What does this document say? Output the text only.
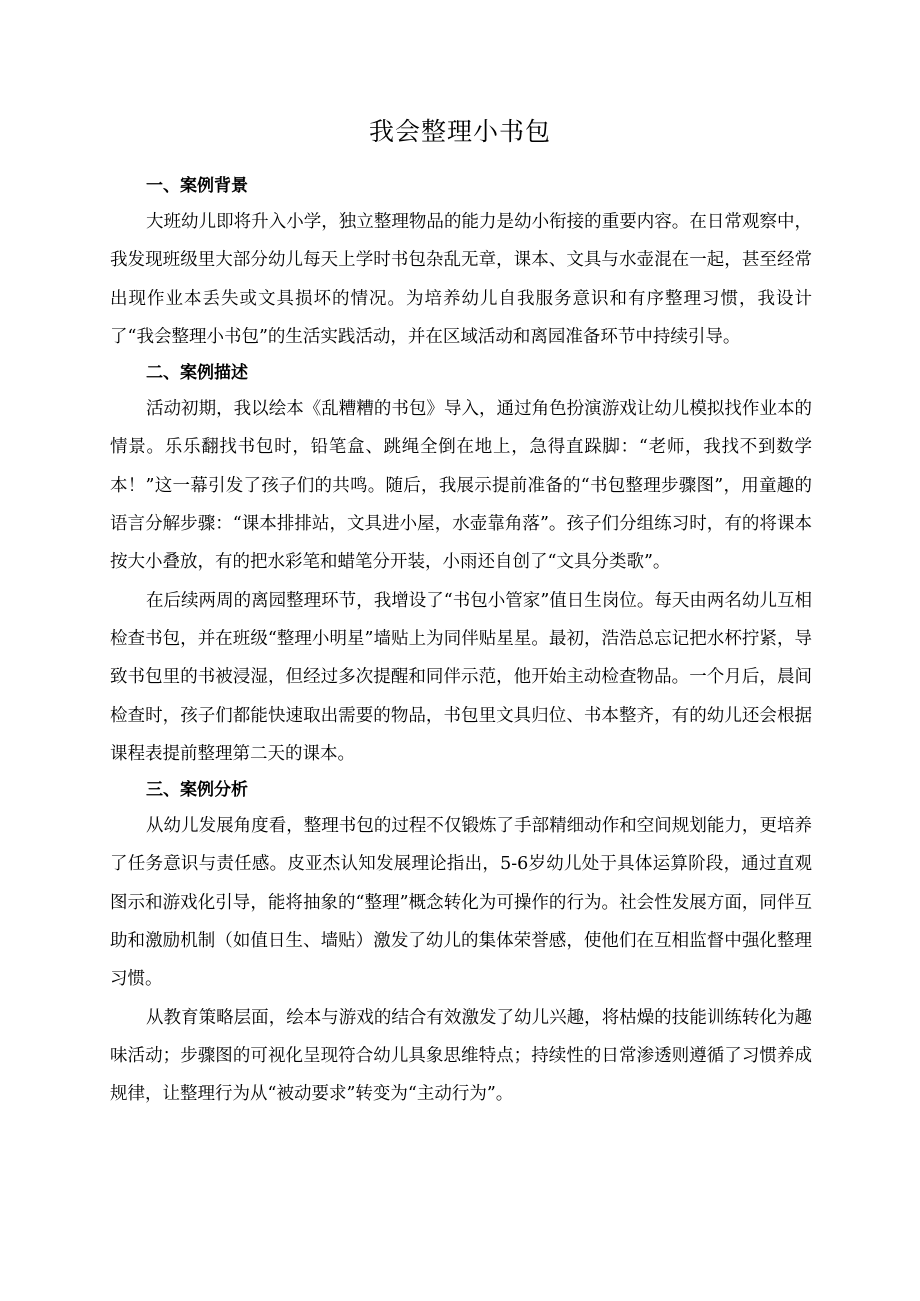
我会整理小书包
一、案例背景

大班幼儿即将升入小学，独立整理物品的能力是幼小衔接的重要内容。在日常观察中，我发现班级里大部分幼儿每天上学时书包杂乱无章，课本、文具与水壶混在一起，甚至经常出现作业本丢失或文具损坏的情况。为培养幼儿自我服务意识和有序整理习惯，我设计了“我会整理小书包”的生活实践活动，并在区域活动和离园准备环节中持续引导。

二、案例描述

活动初期，我以绘本《乱糟糟的书包》导入，通过角色扮演游戏让幼儿模拟找作业本的情景。乐乐翻找书包时，铅笔盒、跳绳全倒在地上，急得直跺脚：“老师，我找不到数学本！”这一幕引发了孩子们的共鸣。随后，我展示提前准备的“书包整理步骤图”，用童趣的语言分解步骤：“课本排排站，文具进小屋，水壶靠角落”。孩子们分组练习时，有的将课本按大小叠放，有的把水彩笔和蜡笔分开装，小雨还自创了“文具分类歌”。

在后续两周的离园整理环节，我增设了“书包小管家”值日生岗位。每天由两名幼儿互相检查书包，并在班级“整理小明星”墙贴上为同伴贴星星。最初，浩浩总忘记把水杯拧紧，导致书包里的书被浸湿，但经过多次提醒和同伴示范，他开始主动检查物品。一个月后，晨间检查时，孩子们都能快速取出需要的物品，书包里文具归位、书本整齐，有的幼儿还会根据课程表提前整理第二天的课本。

三、案例分析

从幼儿发展角度看，整理书包的过程不仅锻炼了手部精细动作和空间规划能力，更培养了任务意识与责任感。皮亚杰认知发展理论指出，5-6岁幼儿处于具体运算阶段，通过直观图示和游戏化引导，能将抽象的“整理”概念转化为可操作的行为。社会性发展方面，同伴互助和激励机制（如值日生、墙贴）激发了幼儿的集体荣誉感，使他们在互相监督中强化整理习惯。

从教育策略层面，绘本与游戏的结合有效激发了幼儿兴趣，将枯燥的技能训练转化为趣味活动；步骤图的可视化呈现符合幼儿具象思维特点；持续性的日常渗透则遵循了习惯养成规律，让整理行为从“被动要求”转变为“主动行为”。
